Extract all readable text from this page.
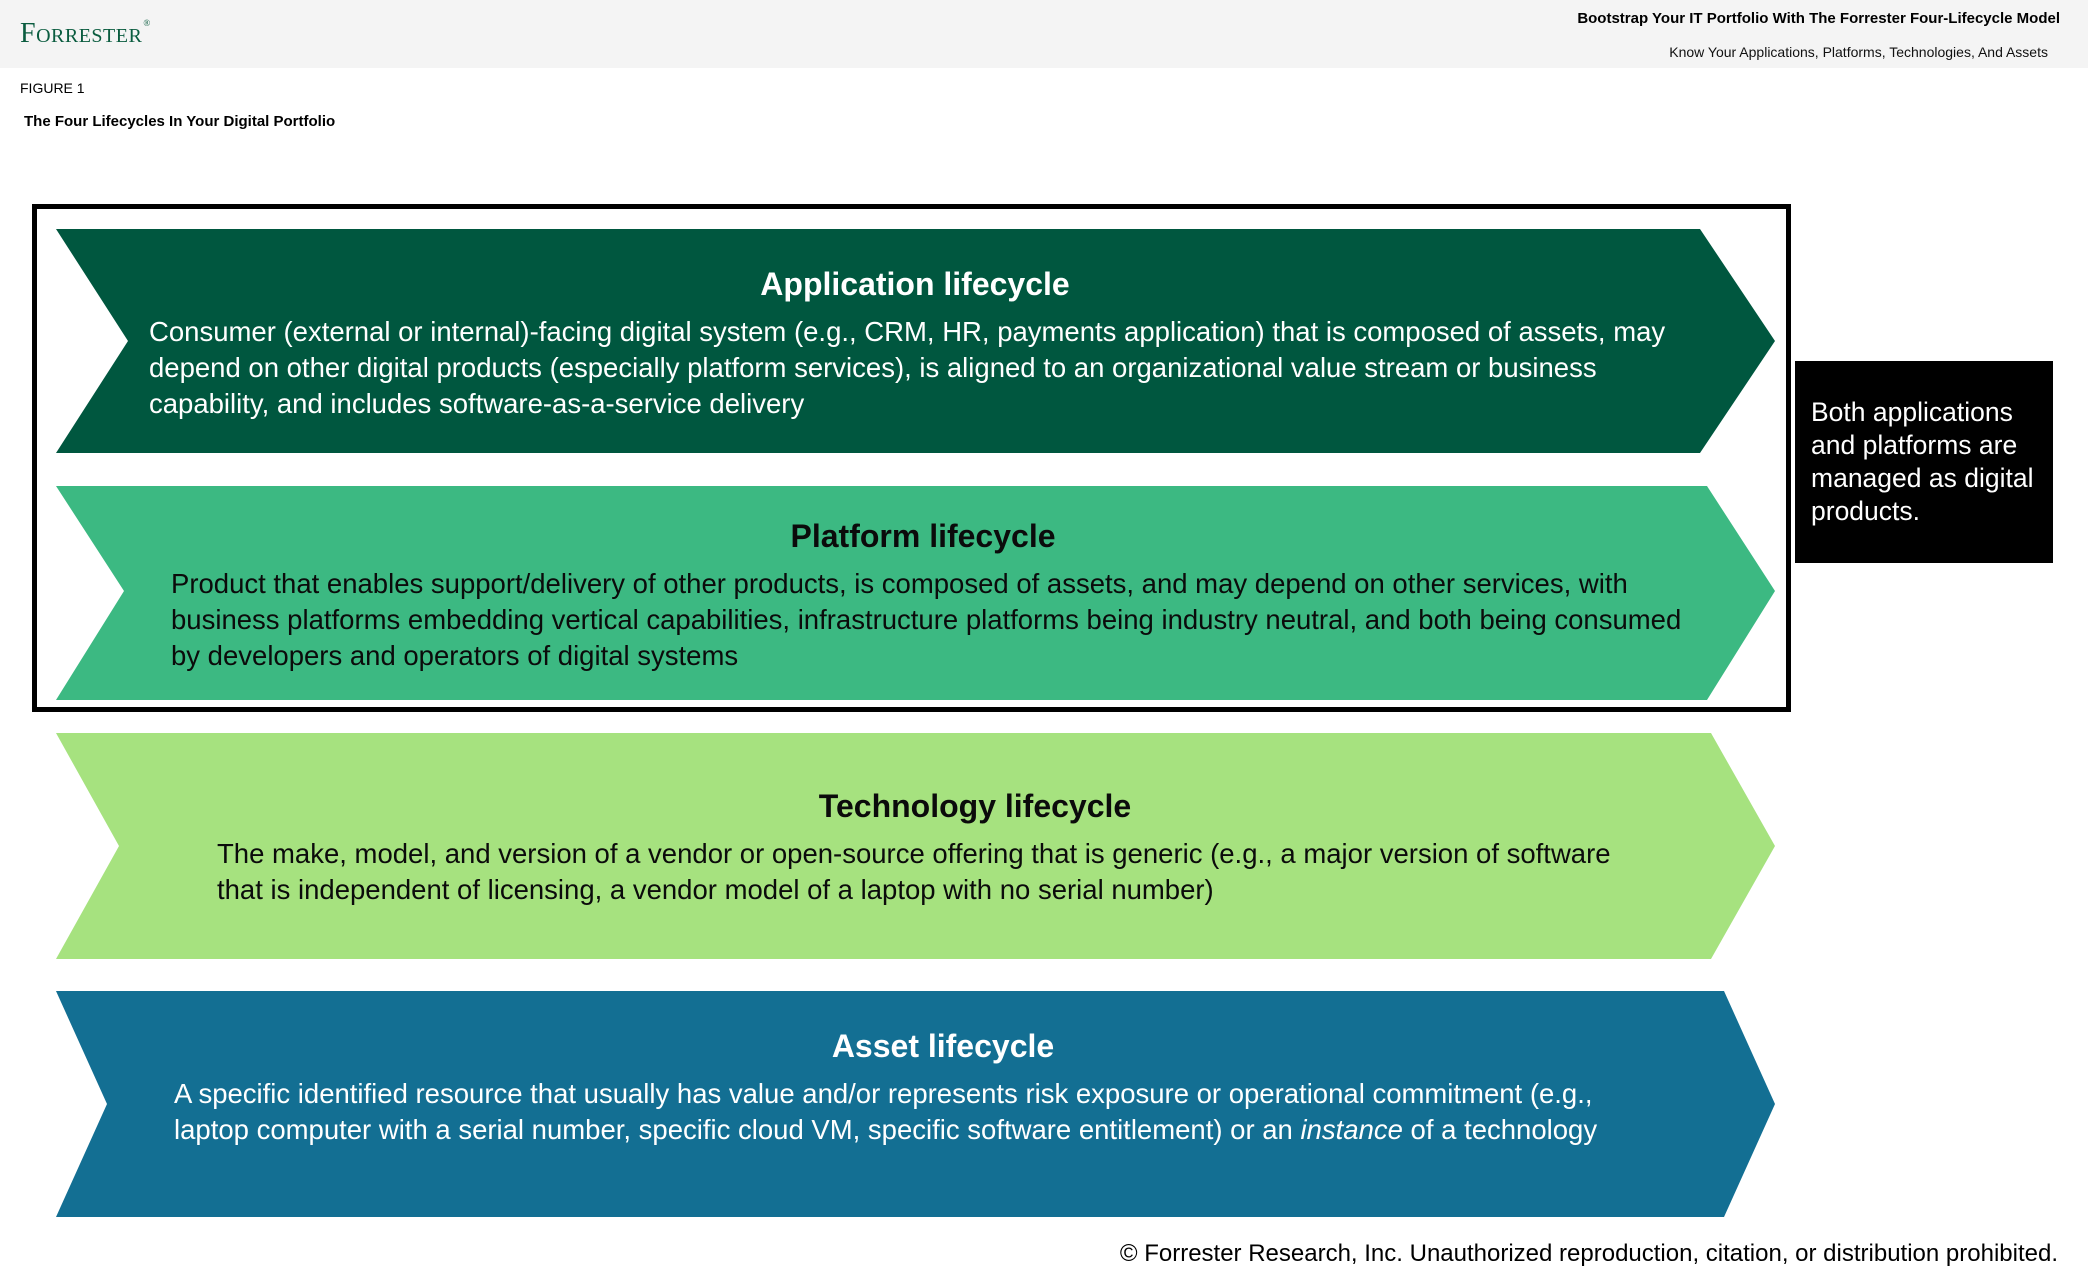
Forrester®	Bootstrap Your IT Portfolio With The Forrester Four-Lifecycle Model
Know Your Applications, Platforms, Technologies, And Assets
FIGURE 1
The Four Lifecycles In Your Digital Portfolio
Application lifecycle
Consumer (external or internal)-facing digital system (e.g., CRM, HR, payments application) that is composed of assets, may depend on other digital products (especially platform services), is aligned to an organizational value stream or business capability, and includes software-as-a-service delivery
Platform lifecycle
Product that enables support/delivery of other products, is composed of assets, and may depend on other services, with business platforms embedding vertical capabilities, infrastructure platforms being industry neutral, and both being consumed by developers and operators of digital systems
Technology lifecycle
The make, model, and version of a vendor or open-source offering that is generic (e.g., a major version of software that is independent of licensing, a vendor model of a laptop with no serial number)
Asset lifecycle
A specific identified resource that usually has value and/or represents risk exposure or operational commitment (e.g., laptop computer with a serial number, specific cloud VM, specific software entitlement) or an instance of a technology
Both applications and platforms are managed as digital products.
© Forrester Research, Inc. Unauthorized reproduction, citation, or distribution prohibited.
